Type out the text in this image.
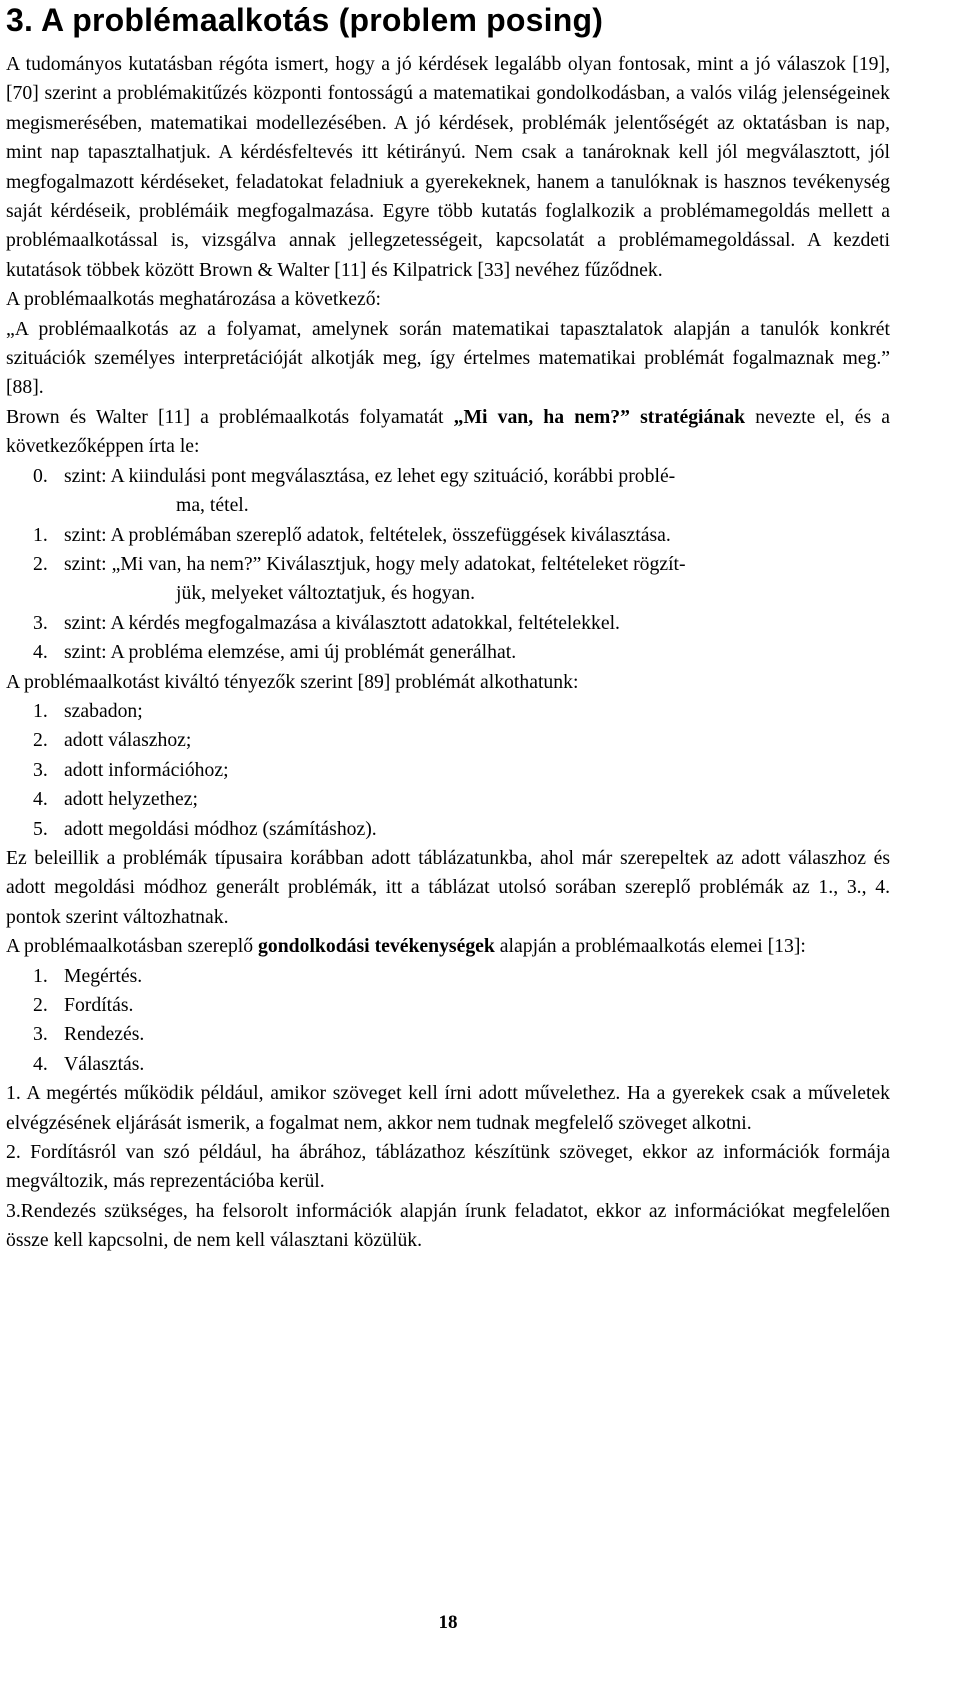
3. A problémaalkotás (problem posing)

A tudományos kutatásban régóta ismert, hogy a jó kérdések legalább olyan fontosak, mint a jó válaszok [19], [70] szerint a problémakitűzés központi fontosságú a matematikai gondolkodásban, a valós világ jelenségeinek megismerésében, matematikai modellezésében. A jó kérdések, problémák jelentőségét az oktatásban is nap, mint nap tapasztalhatjuk. A kérdésfeltevés itt kétirányú. Nem csak a tanároknak kell jól megválasztott, jól megfogalmazott kérdéseket, feladatokat feladniuk a gyerekeknek, hanem a tanulóknak is hasznos tevékenység saját kérdéseik, problémáik megfogalmazása. Egyre több kutatás foglalkozik a problémamegoldás mellett a problémaalkotással is, vizsgálva annak jellegzetességeit, kapcsolatát a problémamegoldással. A kezdeti kutatások többek között Brown & Walter [11] és Kilpatrick [33] nevéhez fűződnek.

A problémaalkotás meghatározása a következő:

„A problémaalkotás az a folyamat, amelynek során matematikai tapasztalatok alapján a tanulók konkrét szituációk személyes interpretációját alkotják meg, így értelmes matematikai problémát fogalmaznak meg.” [88].

Brown és Walter [11] a problémaalkotás folyamatát „Mi van, ha nem?” stratégiának nevezte el, és a következőképpen írta le:

0. szint: A kiindulási pont megválasztása, ez lehet egy szituáció, korábbi problé-
ma, tétel.
1. szint: A problémában szereplő adatok, feltételek, összefüggések kiválasztása.
2. szint: „Mi van, ha nem?” Kiválasztjuk, hogy mely adatokat, feltételeket rögzít-
jük, melyeket változtatjuk, és hogyan.
3. szint: A kérdés megfogalmazása a kiválasztott adatokkal, feltételekkel.
4. szint: A probléma elemzése, ami új problémát generálhat.

A problémaalkotást kiváltó tényezők szerint [89] problémát alkothatunk:

1. szabadon;
2. adott válaszhoz;
3. adott információhoz;
4. adott helyzethez;
5. adott megoldási módhoz (számításhoz).

Ez beleillik a problémák típusaira korábban adott táblázatunkba, ahol már szerepeltek az adott válaszhoz és adott megoldási módhoz generált problémák, itt a táblázat utolsó sorában szereplő problémák az 1., 3., 4. pontok szerint változhatnak.

A problémaalkotásban szereplő gondolkodási tevékenységek alapján a problémaalkotás elemei [13]:

1. Megértés.
2. Fordítás.
3. Rendezés.
4. Választás.

1. A megértés működik például, amikor szöveget kell írni adott művelethez. Ha a gyerekek csak a műveletek elvégzésének eljárását ismerik, a fogalmat nem, akkor nem tudnak megfelelő szöveget alkotni.

2. Fordításról van szó például, ha ábrához, táblázathoz készítünk szöveget, ekkor az információk formája megváltozik, más reprezentációba kerül.

3.Rendezés szükséges, ha felsorolt információk alapján írunk feladatot, ekkor az információkat megfelelően össze kell kapcsolni, de nem kell választani közülük.

18
